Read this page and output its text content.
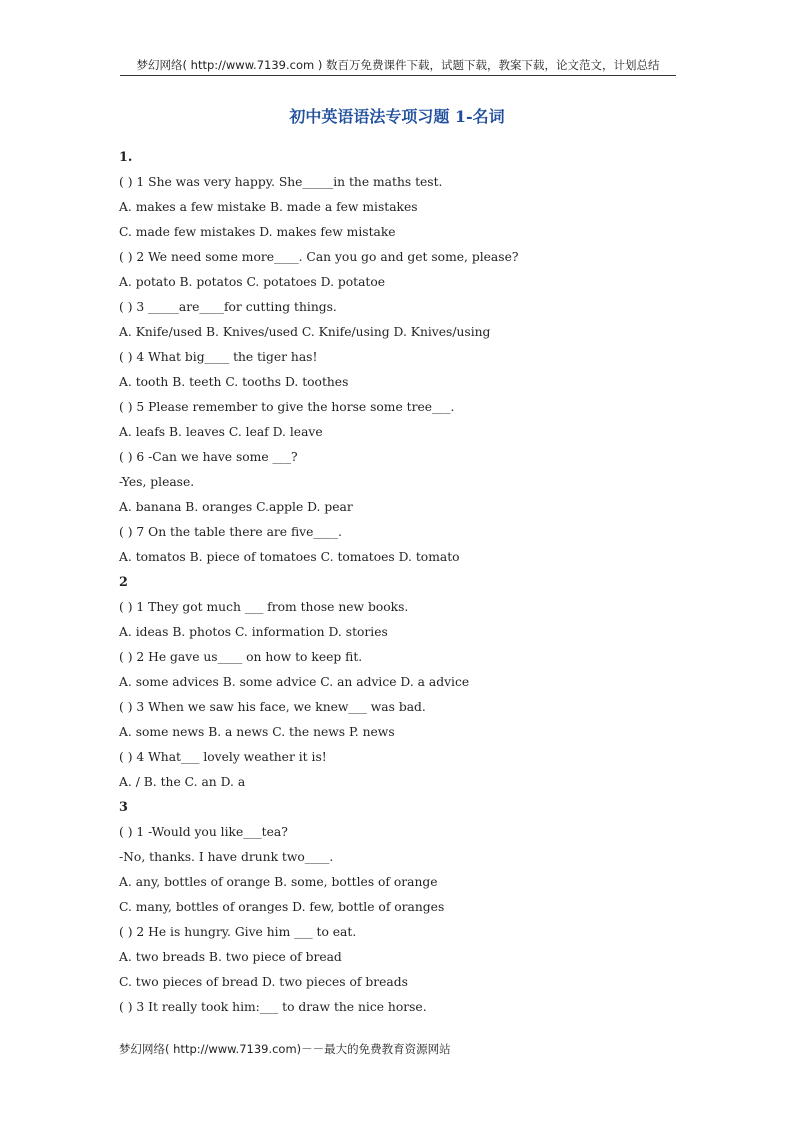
梦幻网络( http://www.7139.com ) 数百万免费课件下载，试题下载，教案下载，论文范文，计划总结
初中英语语法专项习题 1-名词
1.
( ) 1 She was very happy. She_____in the maths test.
A. makes a few mistake B. made a few mistakes
C. made few mistakes D. makes few mistake
( ) 2 We need some more____. Can you go and get some, please?
A. potato B. potatos C. potatoes D. potatoe
( ) 3 _____are____for cutting things.
A. Knife/used B. Knives/used C. Knife/using D. Knives/using
( ) 4 What big____ the tiger has!
A. tooth B. teeth C. tooths D. toothes
( ) 5 Please remember to give the horse some tree___.
A. leafs B. leaves C. leaf D. leave
( ) 6 -Can we have some ___?
-Yes, please.
A. banana B. oranges C.apple D. pear
( ) 7 On the table there are five____.
A. tomatos B. piece of tomatoes C. tomatoes D. tomato
2
( ) 1 They got much ___ from those new books.
A. ideas B. photos C. information D. stories
( ) 2 He gave us____ on how to keep fit.
A. some advices B. some advice C. an advice D. a advice
( ) 3 When we saw his face, we knew___ was bad.
A. some news B. a news C. the news P. news
( ) 4 What___ lovely weather it is!
A. / B. the C. an D. a
3
( ) 1 -Would you like___tea?
-No, thanks. I have drunk two____.
A. any, bottles of orange B. some, bottles of orange
C. many, bottles of oranges D. few, bottle of oranges
( ) 2 He is hungry. Give him ___ to eat.
A. two breads B. two piece of bread
C. two pieces of bread D. two pieces of breads
( ) 3 It really took him:___ to draw the nice horse.
梦幻网络( http://www.7139.com)－－最大的免费教育资源网站
